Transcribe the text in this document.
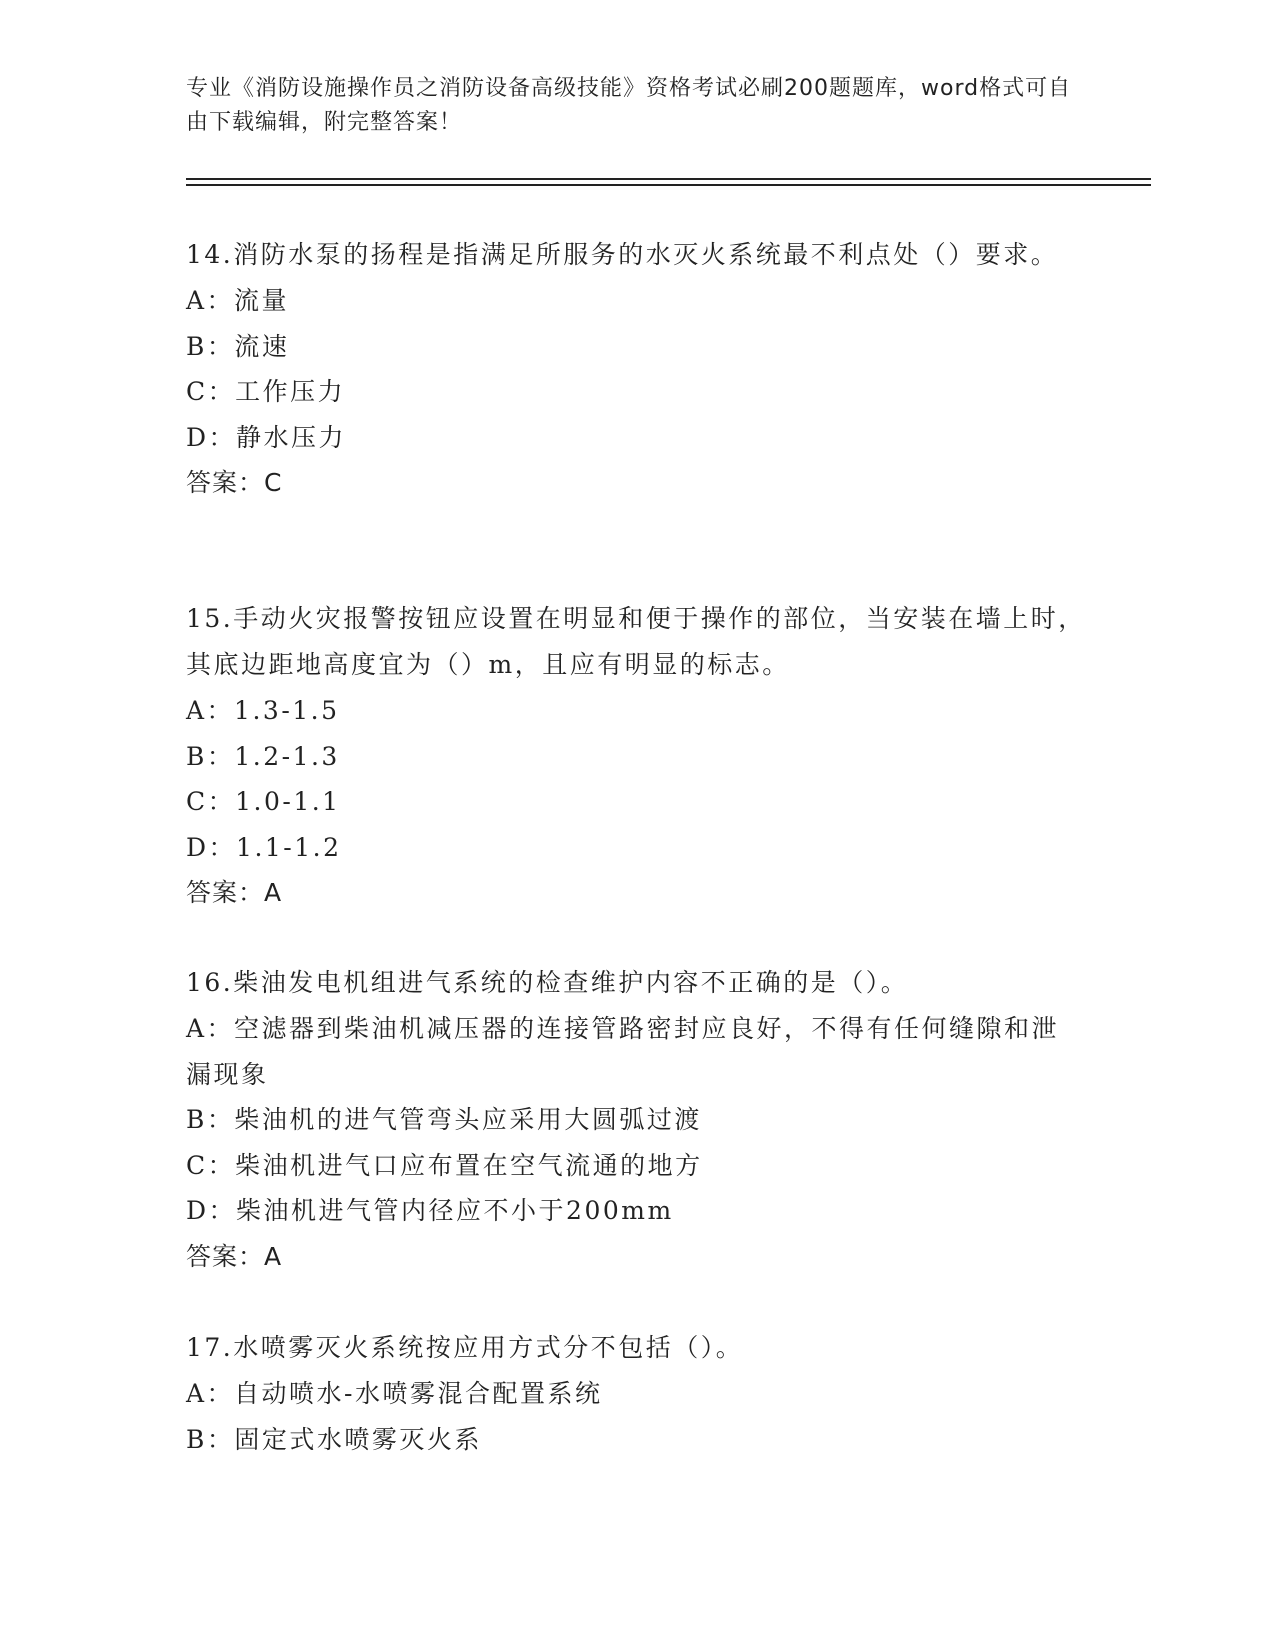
专业《消防设施操作员之消防设备高级技能》资格考试必刷200题题库，word格式可自由下载编辑，附完整答案！

14.消防水泵的扬程是指满足所服务的水灭火系统最不利点处（）要求。

A：流量

B：流速

C：工作压力

D：静水压力

答案：C

15.手动火灾报警按钮应设置在明显和便于操作的部位，当安装在墙上时，其底边距地高度宜为（）m，且应有明显的标志。

A：1.3-1.5

B：1.2-1.3

C：1.0-1.1

D：1.1-1.2

答案：A

16.柴油发电机组进气系统的检查维护内容不正确的是（）。

A：空滤器到柴油机减压器的连接管路密封应良好，不得有任何缝隙和泄漏现象

B：柴油机的进气管弯头应采用大圆弧过渡

C：柴油机进气口应布置在空气流通的地方

D：柴油机进气管内径应不小于200mm

答案：A

17.水喷雾灭火系统按应用方式分不包括（）。

A：自动喷水-水喷雾混合配置系统

B：固定式水喷雾灭火系
